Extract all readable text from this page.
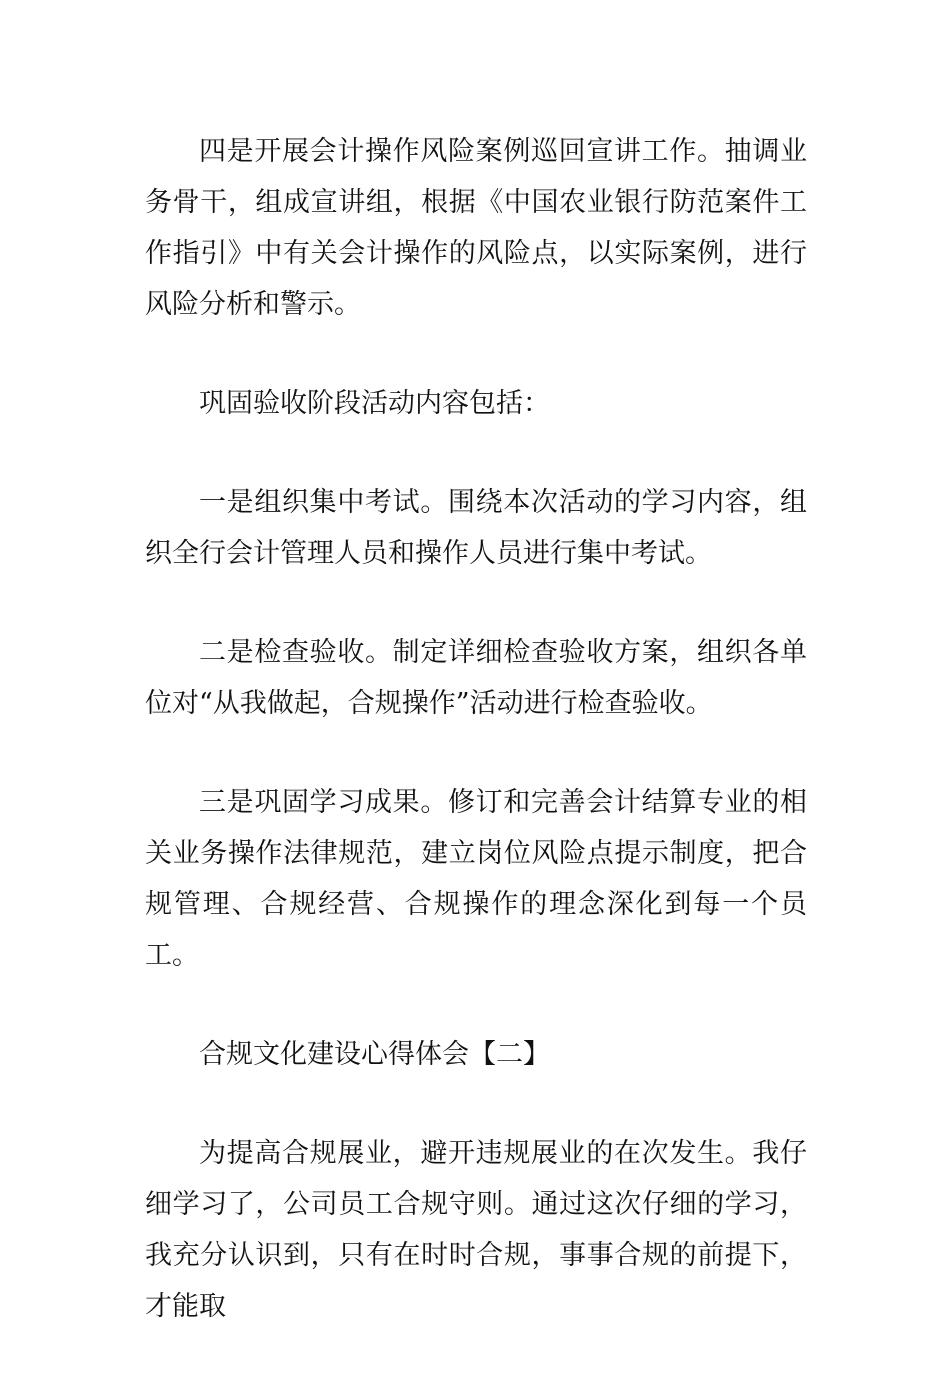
四是开展会计操作风险案例巡回宣讲工作。抽调业务骨干，组成宣讲组，根据《中国农业银行防范案件工作指引》中有关会计操作的风险点，以实际案例，进行风险分析和警示。

巩固验收阶段活动内容包括：

一是组织集中考试。围绕本次活动的学习内容，组织全行会计管理人员和操作人员进行集中考试。

二是检查验收。制定详细检查验收方案，组织各单位对“从我做起，合规操作”活动进行检查验收。

三是巩固学习成果。修订和完善会计结算专业的相关业务操作法律规范，建立岗位风险点提示制度，把合规管理、合规经营、合规操作的理念深化到每一个员工。

合规文化建设心得体会【二】

为提高合规展业，避开违规展业的在次发生。我仔细学习了，公司员工合规守则。通过这次仔细的学习，我充分认识到，只有在时时合规，事事合规的前提下，才能取
